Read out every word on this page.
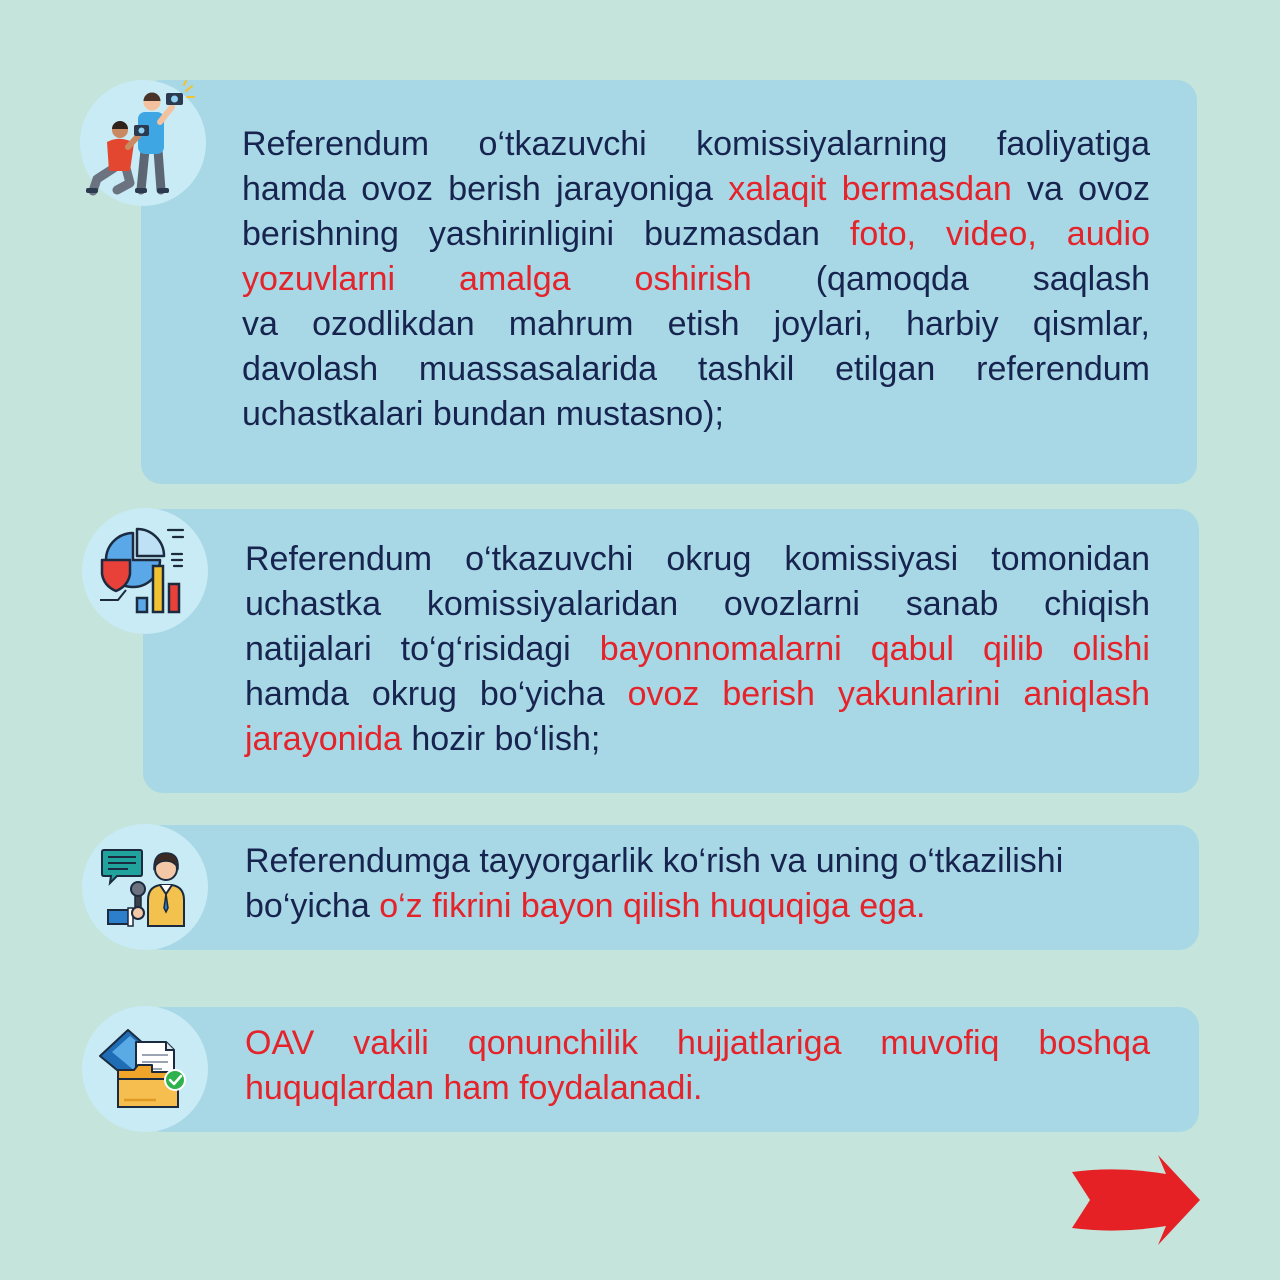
Referendum o‘tkazuvchi komissiyalarning faoliyatiga
hamda ovoz berish jarayoniga xalaqit bermasdan va ovoz
berishning yashirinligini buzmasdan foto, video, audio
yozuvlarni amalga oshirish (qamoqda saqlash
va ozodlikdan mahrum etish joylari, harbiy qismlar,
davolash muassasalarida tashkil etilgan referendum
uchastkalari bundan mustasno);
Referendum o‘tkazuvchi okrug komissiyasi tomonidan
uchastka komissiyalaridan ovozlarni sanab chiqish
natijalari to‘g‘risidagi bayonnomalarni qabul qilib olishi
hamda okrug bo‘yicha ovoz berish yakunlarini aniqlash
jarayonida hozir bo‘lish;
Referendumga tayyorgarlik ko‘rish va uning o‘tkazilishi
bo‘yicha o‘z fikrini bayon qilish huquqiga ega.
OAV vakili qonunchilik hujjatlariga muvofiq boshqa
huquqlardan ham foydalanadi.
